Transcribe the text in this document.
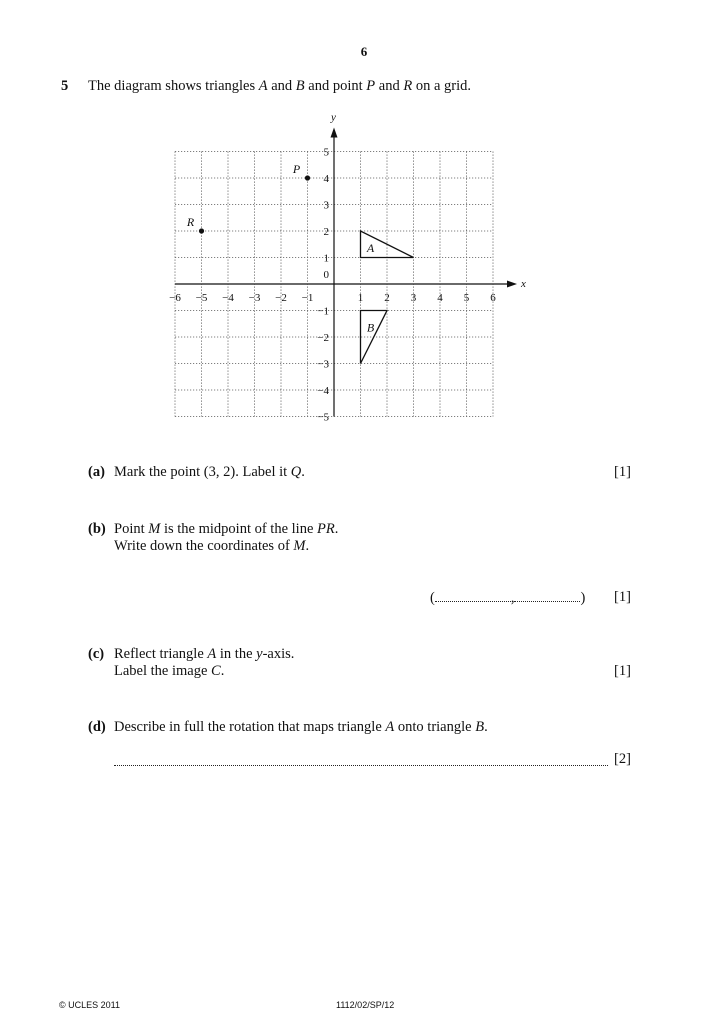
6
5 The diagram shows triangles A and B and point P and R on a grid.
x
y
−6 −5 −4 −3 −2 −1	1 2 3 4 5 6
5
4
3
2
1
−1
−2
−3
−4
−5
0
P
R
A
B
(a) Mark the point (3, 2). Label it Q.	[1]
(b) Point M is the midpoint of the line PR.
Write down the coordinates of M.
(	,	) [1]
(c) Reflect triangle A in the y-axis.
Label the image C.	[1]
(d) Describe in full the rotation that maps triangle A onto triangle B.
[2]
© UCLES 2011	1112/02/SP/12
